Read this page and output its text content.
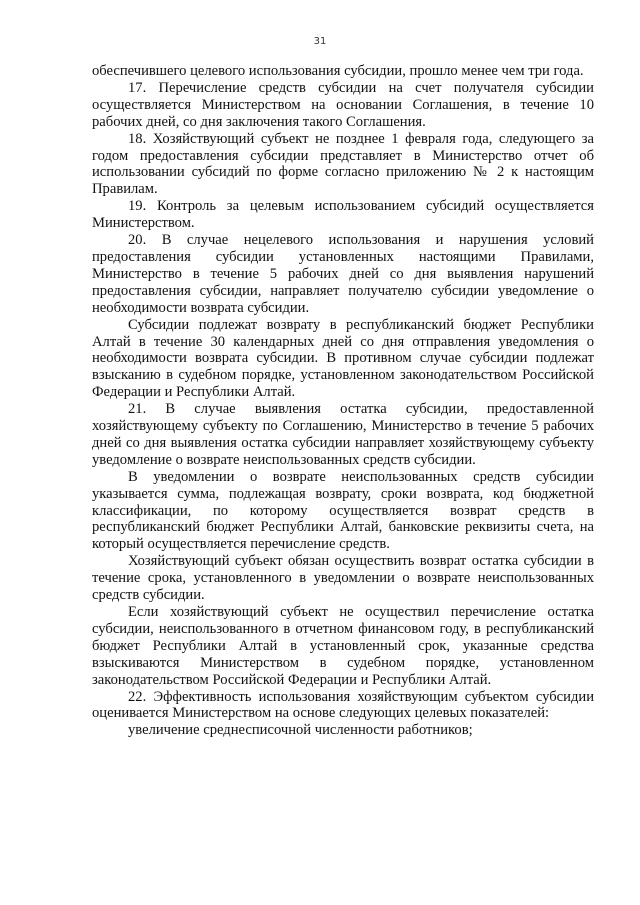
31

обеспечившего целевого использования субсидии, прошло менее чем три года.

17. Перечисление средств субсидии на счет получателя субсидии осуществляется Министерством на основании Соглашения, в течение 10 рабочих дней, со дня заключения такого Соглашения.

18. Хозяйствующий субъект не позднее 1 февраля года, следующего за годом предоставления субсидии представляет в Министерство отчет об использовании субсидий по форме согласно приложению № 2 к настоящим Правилам.

19. Контроль за целевым использованием субсидий осуществляется Министерством.

20. В случае нецелевого использования и нарушения условий предоставления субсидии установленных настоящими Правилами, Министерство в течение 5 рабочих дней со дня выявления нарушений предоставления субсидии, направляет получателю субсидии уведомление о необходимости возврата субсидии.

Субсидии подлежат возврату в республиканский бюджет Республики Алтай в течение 30 календарных дней со дня отправления уведомления о необходимости возврата субсидии. В противном случае субсидии подлежат взысканию в судебном порядке, установленном законодательством Российской Федерации и Республики Алтай.

21. В случае выявления остатка субсидии, предоставленной хозяйствующему субъекту по Соглашению, Министерство в течение 5 рабочих дней со дня выявления остатка субсидии направляет хозяйствующему субъекту уведомление о возврате неиспользованных средств субсидии.

В уведомлении о возврате неиспользованных средств субсидии указывается сумма, подлежащая возврату, сроки возврата, код бюджетной классификации, по которому осуществляется возврат средств в республиканский бюджет Республики Алтай, банковские реквизиты счета, на который осуществляется перечисление средств.

Хозяйствующий субъект обязан осуществить возврат остатка субсидии в течение срока, установленного в уведомлении о возврате неиспользованных средств субсидии.

Если хозяйствующий субъект не осуществил перечисление остатка субсидии, неиспользованного в отчетном финансовом году, в республиканский бюджет Республики Алтай в установленный срок, указанные средства взыскиваются Министерством в судебном порядке, установленном законодательством Российской Федерации и Республики Алтай.

22. Эффективность использования хозяйствующим субъектом субсидии оценивается Министерством на основе следующих целевых показателей:

увеличение среднесписочной численности работников;
